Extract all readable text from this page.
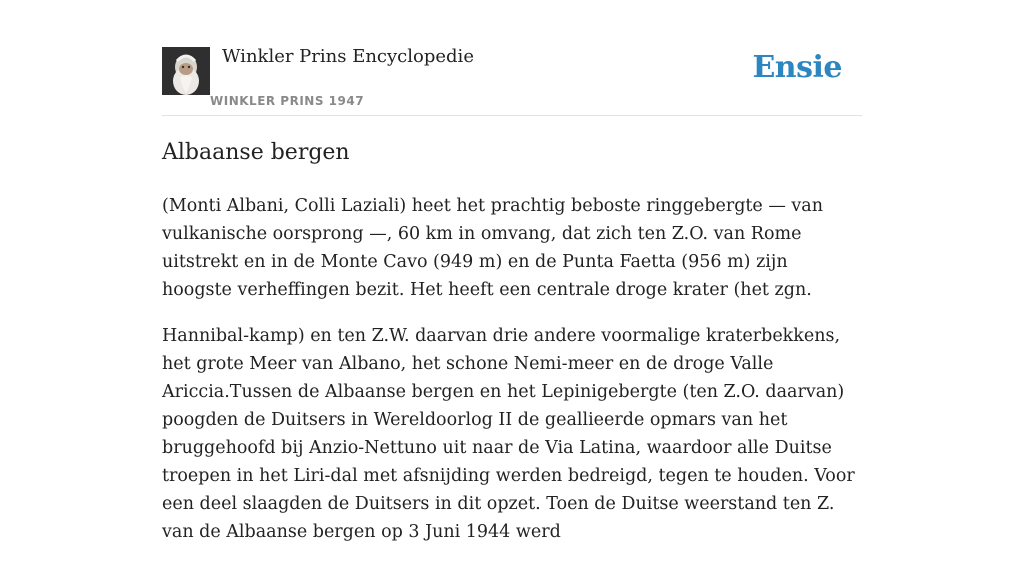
Winkler Prins Encyclopedie
WINKLER PRINS 1947
Ensie
Albaanse bergen

(Monti Albani, Colli Laziali) heet het prachtig beboste ringgebergte — van vulkanische oorsprong —, 60 km in omvang, dat zich ten Z.O. van Rome uitstrekt en in de Monte Cavo (949 m) en de Punta Faetta (956 m) zijn hoogste verheffingen bezit. Het heeft een centrale droge krater (het zgn.

Hannibal-kamp) en ten Z.W. daarvan drie andere voormalige kraterbekkens, het grote Meer van Albano, het schone Nemi-meer en de droge Valle Ariccia.Tussen de Albaanse bergen en het Lepinigebergte (ten Z.O. daarvan) poogden de Duitsers in Wereldoorlog II de geallieerde opmars van het bruggehoofd bij Anzio-Nettuno uit naar de Via Latina, waardoor alle Duitse troepen in het Liri-dal met afsnijding werden bedreigd, tegen te houden. Voor een deel slaagden de Duitsers in dit opzet. Toen de Duitse weerstand ten Z. van de Albaanse bergen op 3 Juni 1944 werd
